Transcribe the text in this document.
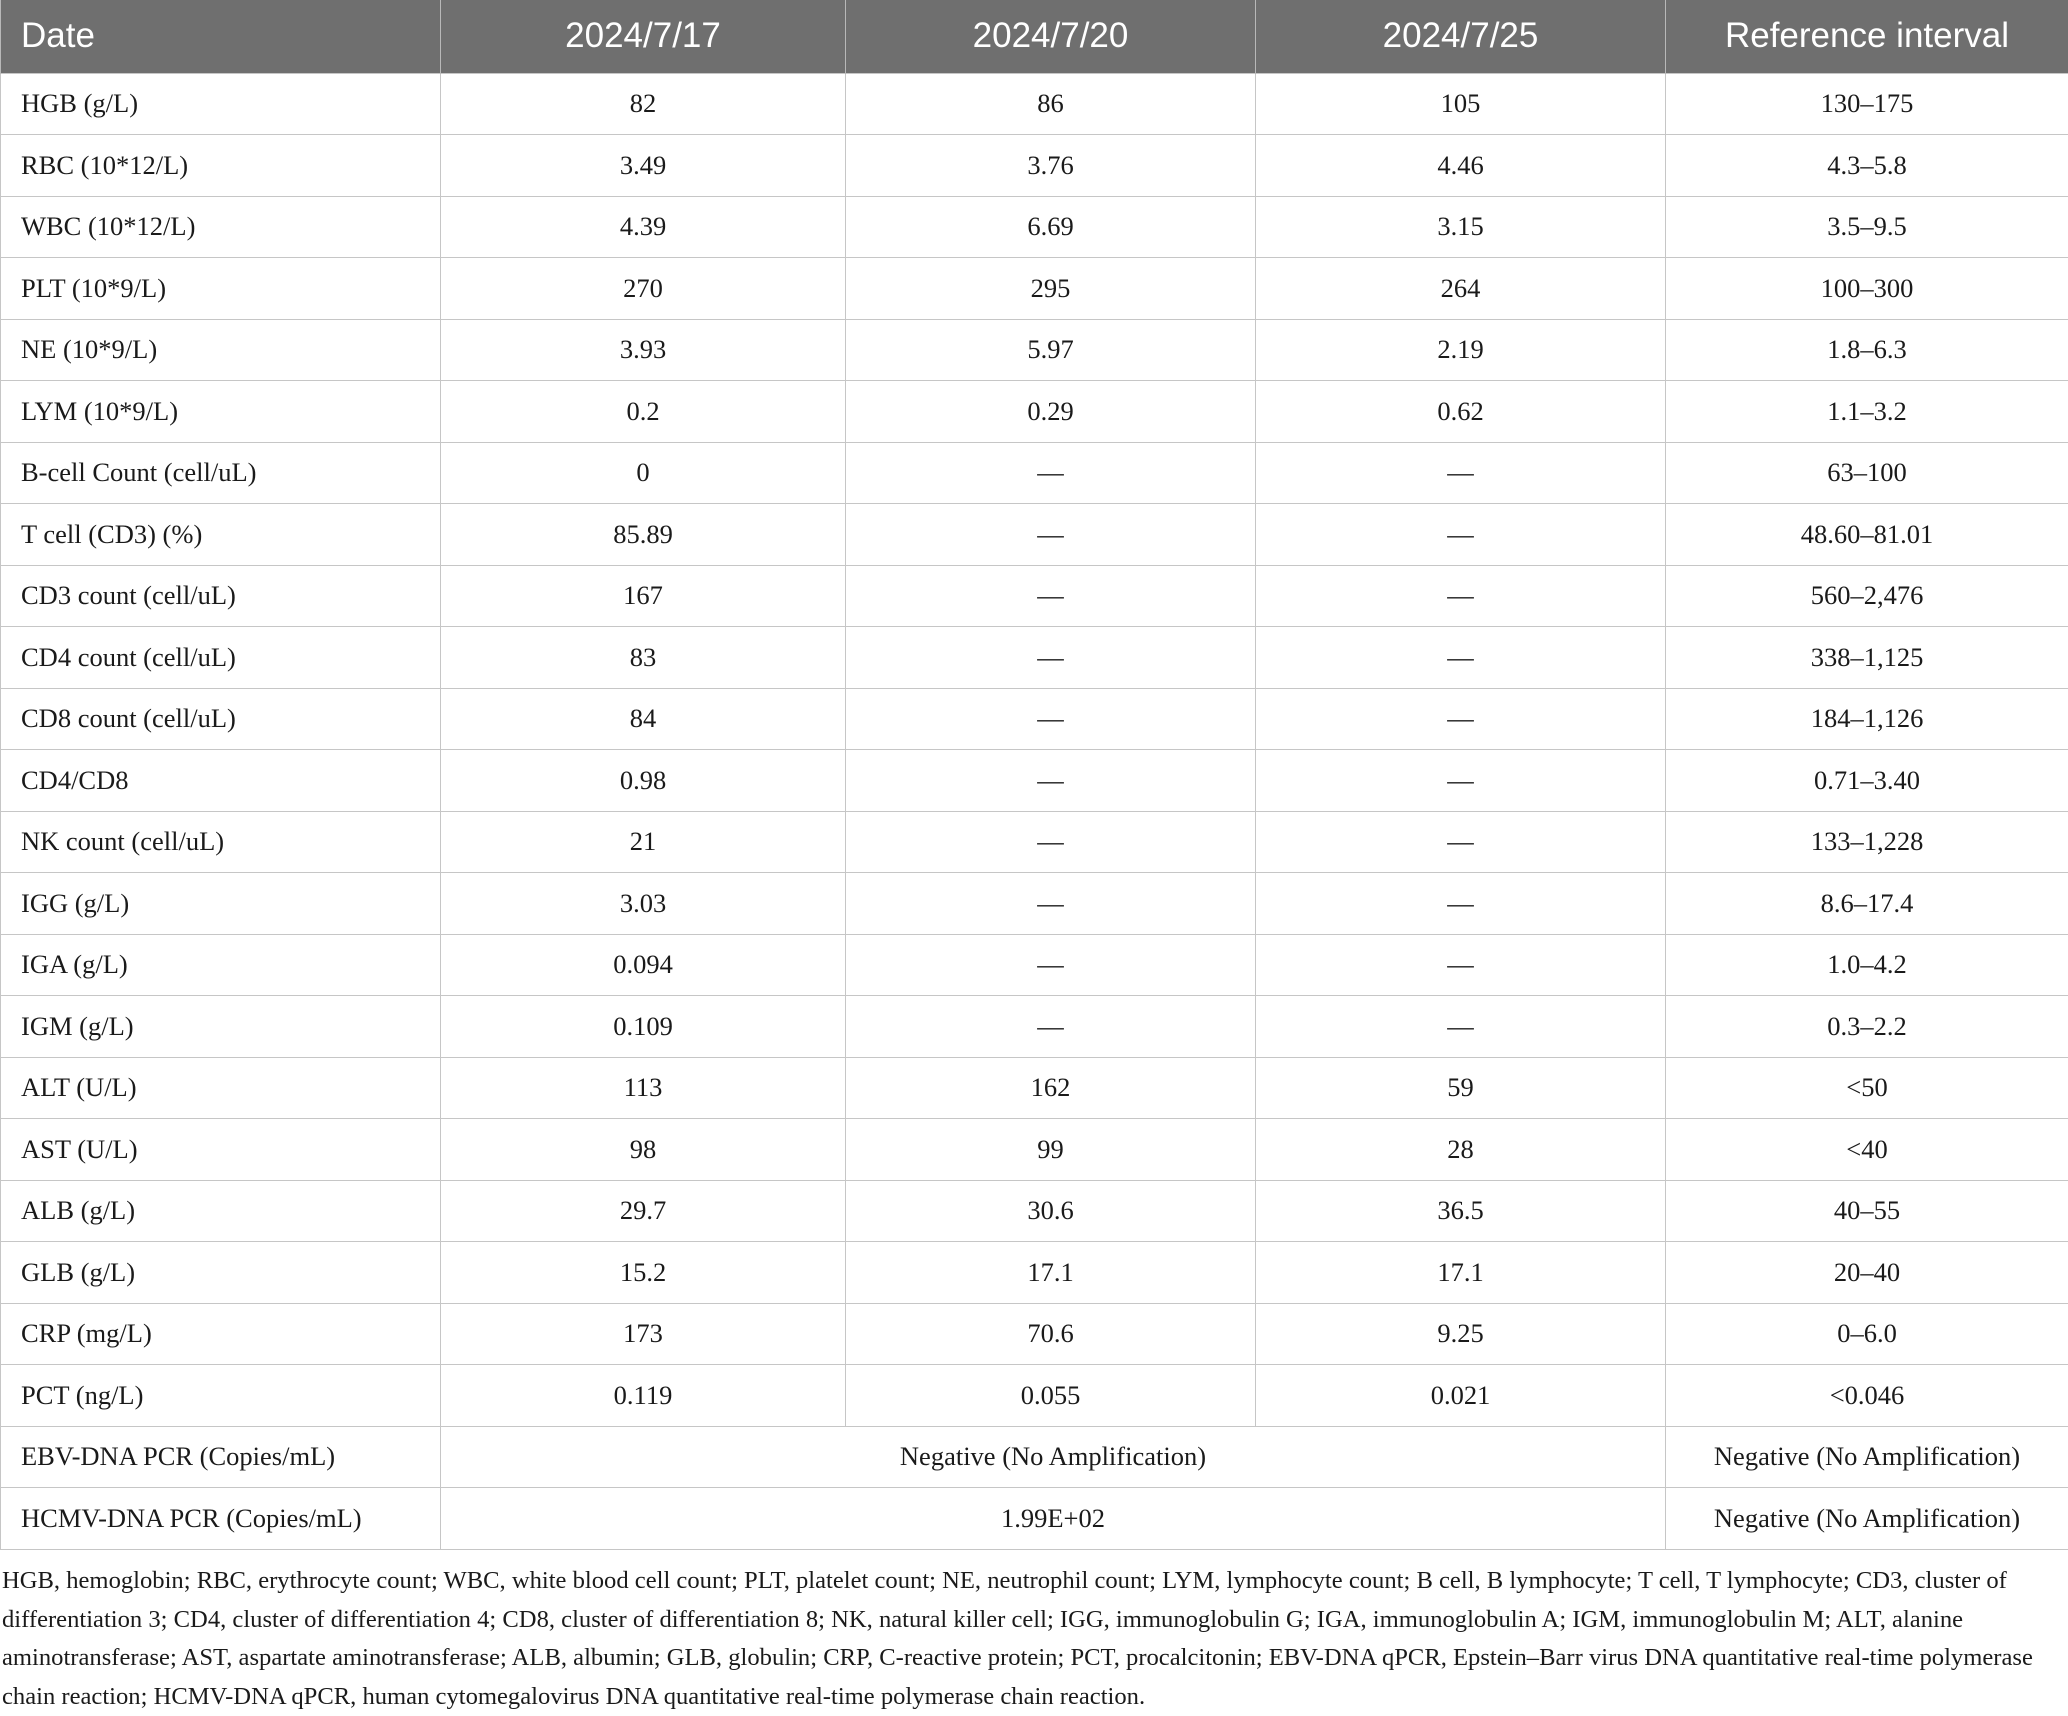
Date	2024/7/17	2024/7/20	2024/7/25	Reference interval
HGB (g/L)	82	86	105	130–175
RBC (10*12/L)	3.49	3.76	4.46	4.3–5.8
WBC (10*12/L)	4.39	6.69	3.15	3.5–9.5
PLT (10*9/L)	270	295	264	100–300
NE (10*9/L)	3.93	5.97	2.19	1.8–6.3
LYM (10*9/L)	0.2	0.29	0.62	1.1–3.2
B-cell Count (cell/uL)	0	—	—	63–100
T cell (CD3) (%)	85.89	—	—	48.60–81.01
CD3 count (cell/uL)	167	—	—	560–2,476
CD4 count (cell/uL)	83	—	—	338–1,125
CD8 count (cell/uL)	84	—	—	184–1,126
CD4/CD8	0.98	—	—	0.71–3.40
NK count (cell/uL)	21	—	—	133–1,228
IGG (g/L)	3.03	—	—	8.6–17.4
IGA (g/L)	0.094	—	—	1.0–4.2
IGM (g/L)	0.109	—	—	0.3–2.2
ALT (U/L)	113	162	59	<50
AST (U/L)	98	99	28	<40
ALB (g/L)	29.7	30.6	36.5	40–55
GLB (g/L)	15.2	17.1	17.1	20–40
CRP (mg/L)	173	70.6	9.25	0–6.0
PCT (ng/L)	0.119	0.055	0.021	<0.046
EBV-DNA PCR (Copies/mL)	Negative (No Amplification)			Negative (No Amplification)
HCMV-DNA PCR (Copies/mL)	1.99E+02			Negative (No Amplification)
HGB, hemoglobin; RBC, erythrocyte count; WBC, white blood cell count; PLT, platelet count; NE, neutrophil count; LYM, lymphocyte count; B cell, B lymphocyte; T cell, T lymphocyte; CD3, cluster of differentiation 3; CD4, cluster of differentiation 4; CD8, cluster of differentiation 8; NK, natural killer cell; IGG, immunoglobulin G; IGA, immunoglobulin A; IGM, immunoglobulin M; ALT, alanine aminotransferase; AST, aspartate aminotransferase; ALB, albumin; GLB, globulin; CRP, C-reactive protein; PCT, procalcitonin; EBV-DNA qPCR, Epstein–Barr virus DNA quantitative real-time polymerase chain reaction; HCMV-DNA qPCR, human cytomegalovirus DNA quantitative real-time polymerase chain reaction.
